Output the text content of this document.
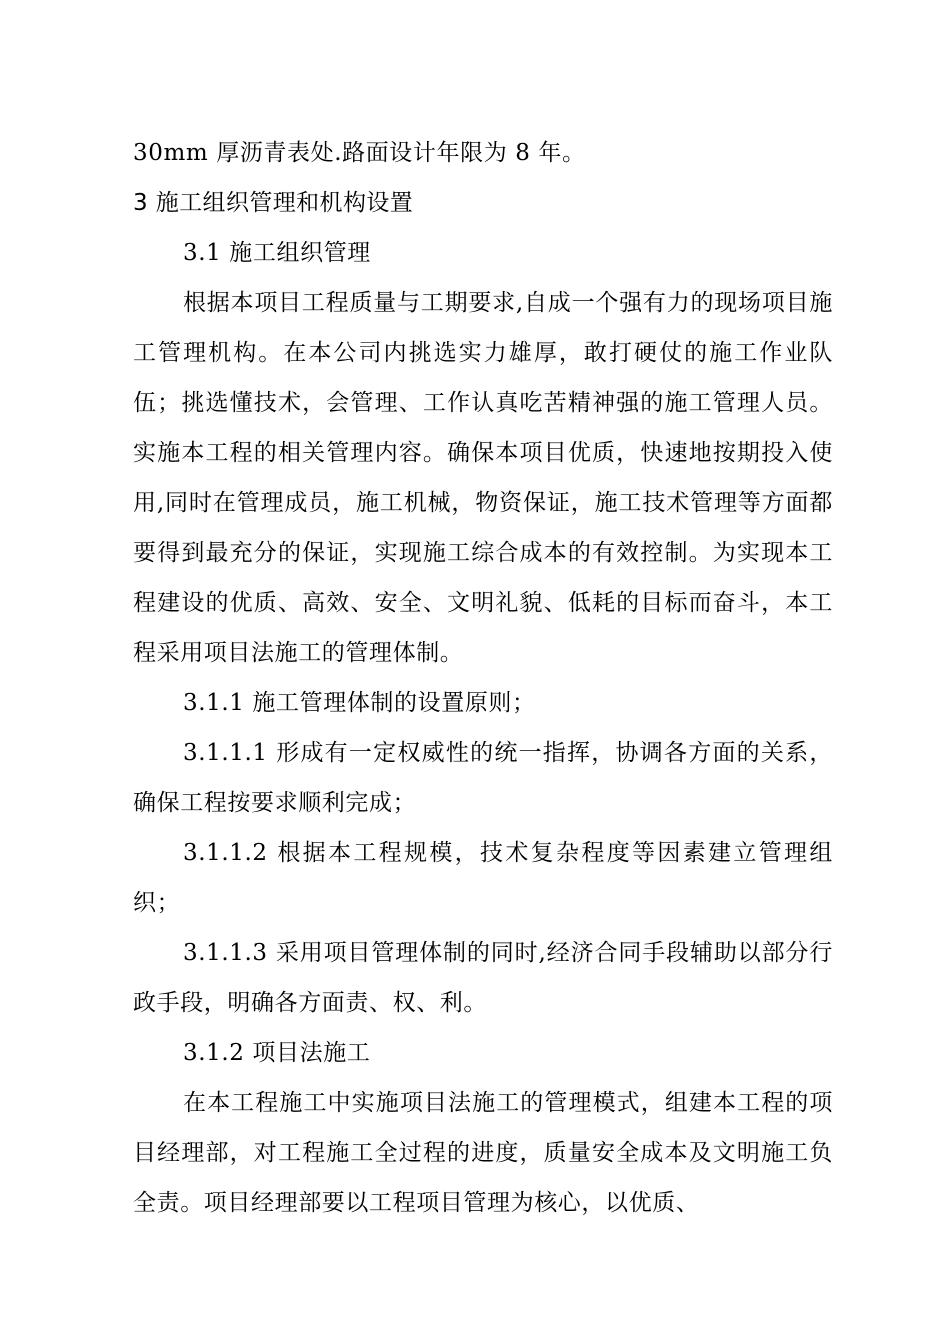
30mm 厚沥青表处.路面设计年限为 8 年。

3 施工组织管理和机构设置

3.1 施工组织管理

根据本项目工程质量与工期要求,自成一个强有力的现场项目施工管理机构。在本公司内挑选实力雄厚，敢打硬仗的施工作业队伍；挑选懂技术，会管理、工作认真吃苦精神强的施工管理人员。实施本工程的相关管理内容。确保本项目优质，快速地按期投入使用,同时在管理成员，施工机械，物资保证，施工技术管理等方面都要得到最充分的保证，实现施工综合成本的有效控制。为实现本工程建设的优质、高效、安全、文明礼貌、低耗的目标而奋斗，本工程采用项目法施工的管理体制。

3.1.1 施工管理体制的设置原则；

3.1.1.1 形成有一定权威性的统一指挥，协调各方面的关系，确保工程按要求顺利完成；

3.1.1.2 根据本工程规模，技术复杂程度等因素建立管理组织；

3.1.1.3 采用项目管理体制的同时,经济合同手段辅助以部分行政手段，明确各方面责、权、利。

3.1.2 项目法施工

在本工程施工中实施项目法施工的管理模式，组建本工程的项目经理部，对工程施工全过程的进度，质量安全成本及文明施工负全责。项目经理部要以工程项目管理为核心，以优质、
